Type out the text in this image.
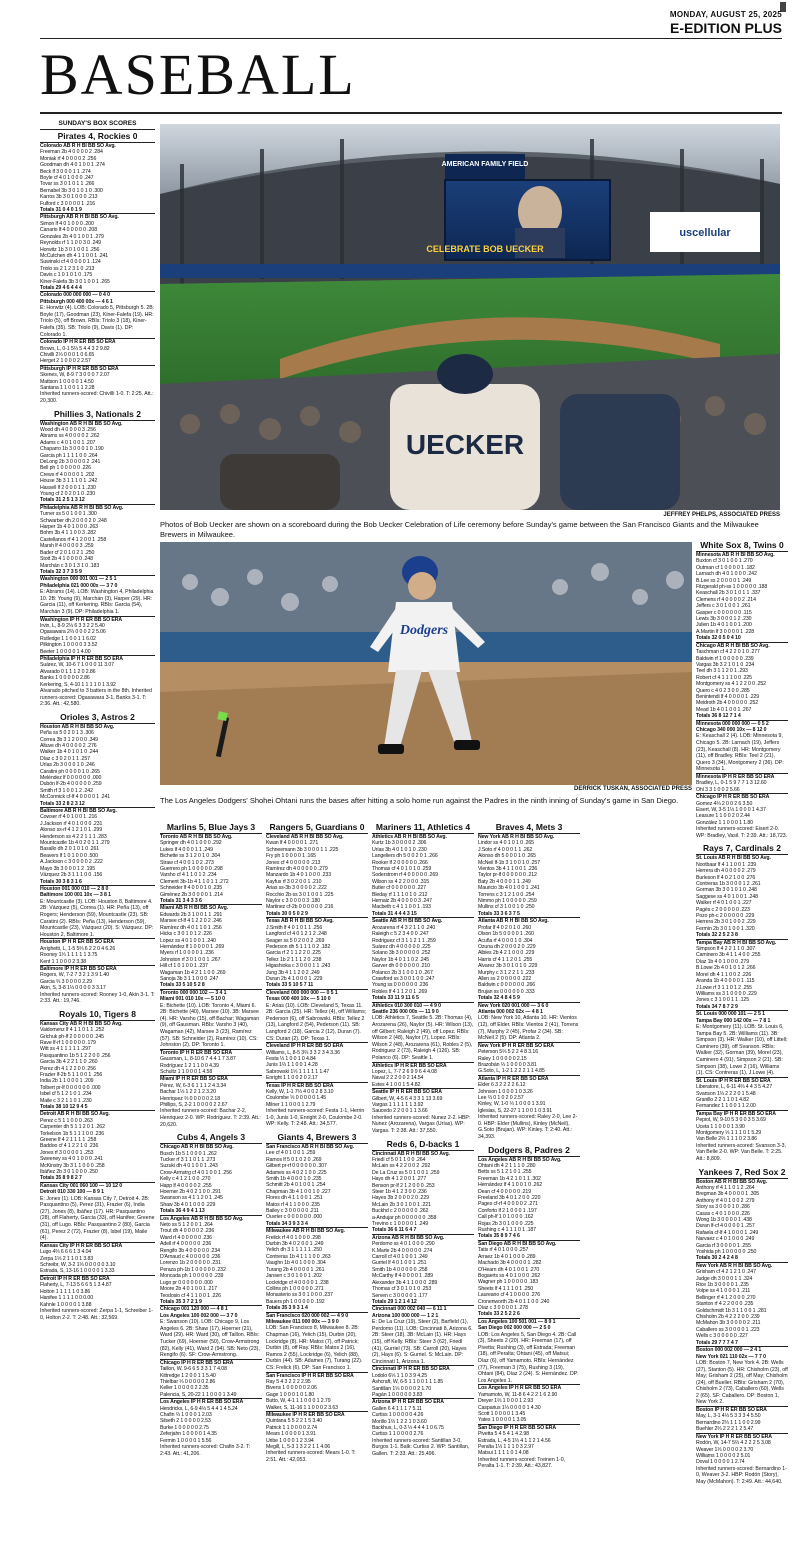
MONDAY, AUGUST 25, 2025
E-EDITION PLUS
BASEBALL
SUNDAY'S BOX SCORES
AMERICAN FAMILY FIELD
CELEBRATE BOB UECKER
uscellular
UECKER
JEFFREY PHELPS, ASSOCIATED PRESS
Photos of Bob Uecker are shown on a scoreboard during the Bob Uecker Celebration of Life ceremony before Sunday's game between the San Francisco Giants and the Milwaukee Brewers in Milwaukee.
Dodgers
DERRICK TUSKAN, ASSOCIATED PRESS
The Los Angeles Dodgers' Shohei Ohtani runs the bases after hitting a solo home run against the Padres in the ninth inning of Sunday's game in San Diego.
Pirates 4, Rockies 0
Colorado AB R H BI BB SO Avg.
Freeman 2b 4 0 0 0 0 2 .284
Moniak rf 4 0 0 0 0 2 .256
Goodman dh 4 0 1 0 0 1 .274
Beck lf 3 0 0 0 1 1 .274
Boyle cf 4 0 1 0 0 0 .247
Tovar ss 3 0 1 0 1 1 .266
Bernabel 3b 3 0 1 0 1 0 .300
Karros 3b 3 0 1 0 0 0 .213
Fulford c 3 0 0 0 0 1 .216
Totals 31 0 4 0 1 9
Pittsburgh AB R H BI BB SO Avg.
Simon lf 4 0 1 0 0 0 .200
Canario lf 4 0 0 0 0 0 .208
Gonzales 2b 4 0 1 0 0 1 .279
Reynolds rf 1 1 0 0 3 0 .249
Horwitz 1b 3 0 1 0 0 1 .256
McCutchen dh 4 1 1 0 0 1 .241
Suwinski cf 4 0 0 0 0 1 .124
Triolo ss 2 1 2 3 1 0 .213
Davis c 1 0 1 0 1 0 .175
Kiner-Falefa 3b 3 0 1 0 0 1 .265
Totals 29 4 6 4 4 4
Colorado 000 000 000 — 0 4 0
Pittsburgh 000 400 00x — 4 6 1
E: Horwitz (4). LOB: Colorado 5, Pittsburgh 5. 2B: Boyle (17), Goodman (23), Kiner-Falefa (19). HR: Triolo (5), off Brown. RBIs: Triolo 3 (18), Kiner-Falefa (35). SB: Triolo (9), Davis (1). DP: Colorado 1.
Colorado IP H R ER BB SO ERA
Brown, L, 0-1 5⅔ 5 4 4 3 2 9.82
Chivilli 2⅓ 0 0 0 1 0 6.65
Herget 2 1 0 0 0 2 2.57
Pittsburgh IP H R ER BB SO ERA
Skenes, W, 8-9 7 3 0 0 0 7 2.07
Mattson 1 0 0 0 0 1 4.50
Santana 1 1 0 0 1 1 2.28
Inherited runners-scored: Chivilli 1-0. T: 2:25. Att.: 20,300.
Phillies 3, Nationals 2
Washington AB R H BI BB SO Avg.
Wood dh 4 0 0 0 0 3 .256
Abrams ss 4 0 0 0 0 2 .262
Adams c 4 0 1 0 0 1 .207
Chaparro 1b 3 0 0 0 1 0 .190
Garcia ph 1 1 1 1 0 0 .264
DeLong 2b 3 0 0 0 0 2 .241
Bell ph 1 0 0 0 0 0 .226
Crews rf 4 0 0 0 0 1 .202
House 3b 3 1 1 1 0 1 .242
Hassell lf 2 0 0 0 1 1 .230
Young cf 2 0 2 0 1 0 .230
Totals 31 2 5 1 3 12
Philadelphia AB R H BI BB SO Avg.
Turner ss 5 0 1 0 0 1 .300
Schwarber dh 2 0 0 0 2 0 .248
Harper 1b 4 0 1 0 0 0 .263
Bohm 3b 4 1 1 0 0 3 .282
Castellanos rf 4 1 2 0 0 1 .258
Marsh lf 4 0 0 0 0 3 .259
Bader cf 2 0 1 0 2 1 .250
Stott 2b 4 1 0 0 0 0 .248
Marchán c 3 0 1 3 1 0 .183
Totals 32 3 7 3 5 9
Washington 000 001 001 — 2 5 1
Philadelphia 021 000 00x — 3 7 0
E: Abrams (14). LOB: Washington 4, Philadelphia 10. 2B: Young (9), Marchán (3), Harper (29). HR: Garcia (11), off Kerkering. RBIs: Garcia (54), Marchán 3 (9). DP: Philadelphia 1.
Washington IP H R ER BB SO ERA
Irvin, L, 8-9 2⅓ 6 3 3 2 2 5.40
Ogasawara 2⅔ 0 0 0 2 2 5.06
Rutledge 1 1 0 0 1 1 6.02
Pilkington 1 0 0 0 0 3 3.52
Beeter 1 0 0 0 0 1 4.00
Philadelphia IP H R ER BB SO ERA
Suárez, W, 10-6 7 1 0 0 0 11 3.07
Alvarado 0 1 1 1 2 0 2.86
Banks 1 0 0 0 0 0 2.86
Kerkering, S, 4-10 1 1 1 1 0 1 3.92
Alvarado pitched to 3 batters in the 8th. Inherited runners-scored: Ogasawara 3-1, Banks 3-1. T: 2:36. Att.: 42,580.
Orioles 3, Astros 2
Houston AB R H BI BB SO Avg.
Peña ss 5 0 2 0 1 3 .306
Correa 3b 3 1 2 0 0 0 .349
Altuve dh 4 0 0 0 0 2 .276
Walker 1b 4 0 1 0 1 0 .244
Díaz c 3 0 2 0 1 1 .257
Urías 2b 3 0 0 0 1 0 .246
Caratini ph 0 0 0 0 1 0 .265
Meléndez lf 0 0 0 0 0 0 .000
Dubón lf-2b 4 0 0 0 0 0 .259
Smith rf 3 1 0 0 1 2 .242
McCormick cf-lf 4 0 0 0 0 1 .241
Totals 33 2 8 2 3 12
Baltimore AB R H BI BB SO Avg.
Cowser rf 4 0 1 0 0 1 .216
J.Jackson rf 4 0 1 0 0 0 .231
Alonso ss-rf 4 1 2 1 0 1 .299
Henderson ss 4 2 2 1 1 1 .283
Mountcastle 1b 4 0 2 0 1 1 .279
Basallo dh 2 0 1 0 1 0 .261
Beavers lf 1 0 1 0 0 0 .500
A.Jackson c 3 0 0 0 0 2 .222
Mayo 3b 3 0 0 0 1 2 .195
Vázquez 2b 3 1 1 1 0 0 .156
Totals 30 3 8 3 1 6
Houston 001 000 010 — 2 8 0
Baltimore 100 001 10x — 3 8 1
E: Mountcastle (3). LOB: Houston 8, Baltimore 4. 2B: Vázquez (5), Correa (1). HR: Peña (13), off Rogers; Henderson (59), Mountcastle (23). SB: Caratini (2). RBIs: Peña (13), Henderson (59), Mountcastle (23), Vázquez (20). S: Vázquez. DP: Houston 2, Baltimore 1.
Houston IP H R ER BB SO ERA
Arrighetti, L, 1-5 5⅔ 6 2 2 0 4 6.26
Rooney 1⅓ 1 1 1 1 1 3.75
Kent 1 1 0 0 0 2 3.38
Baltimore IP H R ER BB SO ERA
Rogers, W, 7-2 7 3 2 1 3 9 1.40
Garcia ⅔ 3 0 0 0 0 2.29
Akin, S, 3-8 1⅓ 0 0 0 0 3 3.17
Inherited runners-scored: Rooney 1-0, Akin 3-1. T: 2:33. Att.: 19,746.
Royals 10, Tigers 8
Kansas City AB R H BI BB SO Avg.
Vaidomenz lf 4 1 1 0 1 1 .252
Grichuk ph-lf 2 0 0 0 0 0 .245
Rave lf-rf 1 0 0 0 0 0 .179
Witt ss 4 1 1 1 1 1 .297
Pasquantino 1b 5 1 2 2 0 0 .256
Garcia 3b 4 2 2 1 1 0 .260
Perez dh 4 1 2 2 0 0 .256
Frazier lf-2b 5 1 1 0 0 1 .256
India 2b 1 1 0 0 0 1 .209
Tolbert pr-lf 0 0 0 0 0 0 .000
Isbel cf 5 1 2 1 0 1 .234
Maile c 3 2 1 1 0 1 .230
Totals 38 10 12 9 4 5
Detroit AB R H BI BB SO Avg.
Perez c 5 1 1 0 0 0 .263
Carpenter dh 5 1 1 2 0 1 .262
Torkelson 1b 5 1 1 1 0 0 .236
Greene lf 4 2 1 1 1 1 .258
Baddoo cf 4 1 2 2 1 0 .236
Jones rf 3 0 0 0 0 1 .253
Sweeney ss 4 0 1 0 0 0 .241
McKinstry 3b 3 1 1 0 0 0 .258
Ibáñez 2b 3 0 1 0 0 0 .250
Totals 35 8 9 8 2 7
Kansas City 001 060 100 — 10 12 0
Detroit 010 330 100 — 8 9 1
E: Jones (1). LOB: Kansas City 7, Detroit 4. 2B: Pasquantino (5), Perez (31), Frazier (6), India (27), Jones (8), Ibáñez (17). HR: Pasquantino (28), off Flaherty, Garcia (33), off Hanifee; Greene (31), off Lugo. RBIs: Pasquantino 2 (80), Garcia (61), Perez 2 (72), Frazier (8), Isbel (19), Maile (4).
Kansas City IP H R ER BB SO ERA
Lugo 4⅔ 6 6 6 1 3 4.04
Zerpa 1⅓ 2 1 1 0 1 3.83
Schreibr, W, 3-2 1⅓ 0 0 0 0 0 3.10
Estrada, S, 13-16 1 0 0 0 0 1 3.33
Detroit IP H R ER BB SO ERA
Flaherty, L, 7-13 5 6 6 5 1 3 4.87
Holton 1 1 1 1 1 0 3.86
Hanifee 1 1 1 1 0 0 0.00
Kahnle 1 0 0 0 0 1 3.88
Inherited runners-scored: Zerpa 1-1, Schreiber 1-0, Holton 2-2. T: 2:48. Att.: 32,569.
Marlins 5, Blue Jays 3
Toronto AB R H BI BB SO Avg.
Springer dh 4 0 1 0 0 0 .292
Lukes lf 4 0 0 0 1 1 .249
Bichette ss 3 1 2 0 1 0 .304
Straw cf 4 0 0 1 0 2 .273
Guerrero ph 1 0 0 0 0 0 .298
Varsho cf 4 1 1 0 1 2 .234
Clement 3b-1b 4 1 1 0 1 1 .272
Schneider lf 4 0 0 0 1 0 .235
Giménez 2b 3 0 0 0 0 1 .214
Totals 31 3 4 3 3 6
Miami AB R H BI BB SO Avg.
Edwards 2b 3 1 0 0 1 1 .291
Marsee cf-lf 4 1 2 2 0 2 .246
Ramírez dh 4 0 1 1 0 1 .256
Hicks c 3 0 1 0 1 2 .226
Lopez ss 4 0 1 0 0 1 .240
Hernández lf 1 0 0 0 0 1 .269
Myers rf 1 0 0 0 0 1 .236
Johnston rf 3 0 1 0 0 1 .267
Hill cf 1 0 1 0 0 1 .237
Wagaman 1b 4 2 1 1 0 0 .269
Sanoja 3b 3 1 1 0 0 0 .247
Totals 33 5 10 5 2 8
Toronto 000 000 102 — 3 4 1
Miami 001 010 10x — 5 10 0
E: Bichette (10). LOB: Toronto 4, Miami 6. 2B: Bichette (40), Marsee (10). 3B: Marsee (4). HR: Varsho (15), off Bachar; Wagaman (9), off Gausman. RBIs: Varsho 3 (40), Wagaman (42), Marsee 3 (23), Ramírez (57). SB: Schneider (2), Ramírez (10). CS: Johnston (2). DP: Toronto 1.
Toronto IP H R ER BB SO ERA
Gausman, L, 8-10 6 7 4 4 1 7 3.87
Rodríguez 1 2 1 1 0 0 4.39
Schultz 1 1 0 0 0 1 4.58
Miami IP H R ER BB SO ERA
Pérez, W, 6-3 6 1 1 1 2 4 3.34
Bachar 1⅓ 1 2 2 1 2 3.20
Henriquez ⅔ 0 0 0 0 0 2.18
Phillips, S, 2-2 1 0 0 0 0 2 2.67
Inherited runners-scored: Bachar 2-2, Henriquez 2-0. WP: Rodríguez. T: 2:39. Att.: 20,620.
Cubs 4, Angels 3
Chicago AB R H BI BB SO Avg.
Busch 1b 5 1 0 0 0 1 .262
Tucker rf 3 1 1 0 1 1 .273
Suzuki dh 4 0 1 0 0 1 .243
Crow-Armstrg cf 4 0 1 0 0 1 .256
Kelly c 4 1 2 1 0 0 .270
Happ lf 4 0 0 0 0 2 .255
Hoerner 2b 4 0 2 1 0 0 .291
Swanson ss 4 1 1 2 0 1 .245
Shaw 3b 4 0 1 0 0 0 .229
Totals 36 4 9 4 1 13
Los Angeles AB R H BI BB SO Avg.
Neto ss 5 1 2 0 0 1 .264
Trout dh 4 0 0 0 0 2 .236
Ward rf 4 0 0 0 0 0 .236
Adell rf 4 0 0 0 0 0 .236
Rengifo 3b 4 0 0 0 0 0 .234
D'Arnaud c 4 0 0 0 0 0 .236
Lorenzo 1b 2 0 0 0 0 0 .231
Peraza ph-1b 1 0 0 0 0 0 .232
Moncada ph 1 0 0 0 0 0 .239
Lugo pr 0 0 0 0 0 0 .000
Moore 2b 4 0 1 0 0 1 .217
Teodosio cf 4 1 1 0 0 1 .226
Totals 35 3 7 2 1 9
Chicago 001 120 000 — 4 8 1
Los Angeles 100 002 000 — 3 7 0
E: Swanson (10). LOB: Chicago 9, Los Angeles 6. 2B: Shaw (17), Hoerner (21), Ward (29). HR: Ward (30), off Taillon. RBIs: Tucker (69), Hoerner (50), Crow-Armstrong (82), Kelly (41), Ward 2 (94). SB: Neto (23), Rengifo (6). SF: Crow-Armstrong.
Chicago IP H R ER BB SO ERA
Taillon, W, 9-6 6 5 3 3 1 7 4.08
Kittredge 1 2 0 0 1 1 5.40
Thielbar ⅓ 0 0 0 0 0 2.86
Keller 1 0 0 0 0 2 2.35
Palencia, S, 20-22 1 1 0 0 0 1 3.49
Los Angeles IP H R ER BB SO ERA
Hendricks, L, 6-9 4⅓ 5 4 4 1 4 5.24
Chafin ⅔ 1 0 0 0 1 2.03
Silseth 2 1 0 0 0 0 2.53
Burke 1 0 0 0 0 0 2.75
Zeferjahn 1 0 0 0 0 1 4.35
Fermin 1 0 0 0 0 1 5.56
Inherited runners-scored: Chafin 3-2. T: 2:43. Att.: 41,206.
Rangers 5, Guardians 0
Cleveland AB R H BI BB SO Avg.
Kwan lf 4 0 0 0 0 1 .271
Schneemann 3b 3 0 0 0 1 1 .225
Fry ph 1 0 0 0 0 1 .165
Jones cf 4 0 0 0 0 0 .213
Ramírez dh 4 0 0 0 0 0 .279
Manzardo 1b 4 0 1 0 0 0 .233
Kayfus rf 3 0 2 0 0 1 .210
Arias ss-3b 3 0 0 0 0 2 .222
Rocchio 2b-ss 3 0 1 0 0 1 .225
Naylor c 3 0 0 0 0 3 .180
Martinez cf-2b 0 0 0 0 0 0 .216
Totals 30 0 5 0 2 9
Texas AB R H BI BB SO Avg.
J.Smith lf 4 0 1 0 1 1 .256
Langford cf 4 0 1 2 1 2 .248
Seager ss 5 0 2 0 0 2 .269
Pederson dh 5 1 1 1 0 2 .182
Garcia rf 2 1 1 2 2 0 .225
Tellez 1b 2 1 1 1 2 0 .238
Higashioka c 3 0 0 0 1 1 .243
Jung 3b 4 1 1 2 0 2 .249
Duran 2b 4 1 0 0 0 1 .229
Totals 33 5 10 5 7 11
Cleveland 000 000 000 — 0 5 1
Texas 000 400 10x — 5 10 0
E: Arias (10). LOB: Cleveland 5, Texas 11. 2B: Garcia (25). HR: Tellez (4), off Williams; Pederson (6), off Sabrowski. RBIs: Tellez 2 (13), Langford 2 (54), Pederson (11). SB: Langford 2 (18), Garcia 2 (12), Duran (7). CS: Duran (2). DP: Texas 1.
Cleveland IP H R ER BB SO ERA
Williams, L, 8-5 3⅔ 3 3 2 3 4 3.36
Festa ⅓ 1 0 0 1 0 4.84
Junis 1⅔ 1 1 0 0 1 4.28
Sabrowski 1⅓ 1 1 1 1 1 1.47
Enright 1 1 0 0 2 0 2.17
Texas IP H R ER BB SO ERA
Kelly, W, 1-1 7⅔ 4 0 0 2 8 3.10
Coulombe ⅓ 0 0 0 0 0 1.45
Milner 1 1 0 0 0 1 2.79
Inherited runners-scored: Festa 1-1, Herrin 1-0, Junis 1-0, Enright 2-0, Coulombe 2-0. WP: Kelly. T: 2:48. Att.: 34,577.
Giants 4, Brewers 3
San Francisco AB R H BI BB SO Avg.
Lee cf 4 0 1 0 0 1 .259
Ramos lf 5 0 1 0 2 0 .269
Gilbert pr-rf 0 0 0 0 0 0 .307
Adames ss 4 0 2 1 0 0 .225
Smith 1b 4 0 0 0 1 0 .235
Schmitt 2b 4 0 1 0 0 1 .254
Chapman 3b 4 1 0 0 1 0 .227
Flores dh 4 1 1 0 0 1 .251
Matos rf 4 1 1 0 0 0 .235
Bailey c 3 0 0 0 0 0 .211
Ouvrier c 0 0 0 0 0 0 .000
Totals 34 3 9 3 3 4
Milwaukee AB R H BI BB SO Avg.
Frelick rf 4 0 1 0 0 0 .298
Durbin 3b 4 0 2 0 0 1 .249
Yelich dh 3 1 1 1 1 1 .250
Contreras 1b 4 1 1 1 0 0 .263
Vaughn 1b 4 0 1 0 0 0 .304
Turang 2b 4 0 0 0 0 1 .261
Jansen c 3 0 1 0 0 1 .202
Lockridge cf 4 0 0 0 0 1 .238
Collins ph 1 0 0 0 0 0 .271
Monasterio ss 3 0 1 0 0 0 .237
Bauers ph 1 0 0 0 0 0 .192
Totals 35 3 9 3 1 4
San Francisco 020 000 002 — 4 9 0
Milwaukee 011 000 00x — 3 9 0
LOB: San Francisco 8, Milwaukee 8. 2B: Chapman (16), Yelich (15), Durbin (20), Lockridge (8). HR: Matos (7), off Patrick; Durbin (8), off Ray. RBIs: Matos 2 (16), Ramos 2 (55), Lockridge (6), Yelich (88), Durbin (44). SB: Adames (7), Turang (22). CS: Frelick (6). DP: San Francisco 1.
San Francisco IP H R ER BB SO ERA
Ray 5 4 3 2 2 2 2.95
Bivens 1 0 0 0 0 0 2.06
Gage 1 0 0 0 1 0 1.80
Butto, W, 4-1 1 1 0 0 0 1 2.79
Walker, S, 11-16 1 1 0 0 0 2 3.63
Milwaukee IP H R ER BB SO ERA
Quintana 5 5 2 2 1 5 3.40
Patrick 1 1 0 0 0 0 2.74
Mears 1 0 0 0 0 1 3.91
Uribe 1 0 0 0 1 2 3.94
Megill, L, 5-3 1 3 2 2 1 1 4.06
Inherited runners-scored: Mears 1-0. T: 2:51. Att.: 42,053.
Mariners 11, Athletics 4
Athletics AB R H BI BB SO Avg.
Kurtz 1b 3 0 0 0 0 2 .306
Urías 3b 4 0 1 0 1 0 .230
Langeliers dh 5 0 0 2 0 1 .266
Rooker lf 2 0 0 0 0 0 .266
Thomas cf 4 0 1 0 1 0 .259
Soderstrom rf 4 0 0 0 0 0 .269
Wilson ss 4 2 2 0 0 0 .315
Butler cf 0 0 0 0 0 0 .227
Bleday rf 1 1 1 0 1 0 .212
Hernaiz 2b 4 0 0 0 0 3 .247
Macbeth c 4 1 1 0 0 1 .193
Totals 31 4 4 4 3 15
Seattle AB R H BI BB SO Avg.
Arozarena rf 4 3 2 1 1 0 .240
Raleigh c 5 2 3 4 0 0 .247
Rodriguez cf 3 1 1 2 1 1 .259
Suárez dh 4 0 0 0 0 0 .225
Solano 3b 3 0 0 0 0 0 .252
Naylor 1b 4 0 1 1 0 2 .245
Garver dh 0 0 0 0 0 0 .210
Polanco 2b 3 1 0 0 1 0 .267
Crawford ss 3 0 0 1 0 0 .247
Young ss 0 0 0 0 0 0 .236
Robles lf 4 1 1 2 0 1 .269
Totals 33 11 9 11 6 5
Athletics 010 300 010 — 4 9 0
Seattle 236 000 00x — 11 9 0
LOB: Athletics 7, Seattle 5. 2B: Thomas (4), Arozarena (26), Naylor (5). HR: Wilson (13), off Gilbert; Raleigh 2 (49), off Lopez. RBIs: Wilson 2 (48), Naylor (7), Lopez. RBIs: Wilson 2 (48), Arozarena (61), Robles 2 (5), Rodriguez 2 (73), Raleigh 4 (126). SB: Polanco (6). DP: Seattle 1.
Athletics IP H R ER BB SO ERA
Lopez, L, 7-7 2 6 9 9 6 4 4.08
Naval 2 2 2 0 0 2 14.54
Estes 4 1 0 0 1 5 4.82
Seattle IP H R ER BB SO ERA
Gilbert, W, 4-5 6 4 3 3 1 13 3.69
Vargas 1 1 1 1 1 1 3.92
Saucedo 2 2 0 0 1 1 3.66
Inherited runners-scored: Nunez 2-2. HBP: Nunez (Arozarena), Vargas (Urías). WP: Vargas. T: 2:38. Att.: 37,550.
Reds 6, D-backs 1
Cincinnati AB R H BI BB SO Avg.
Friedl cf 5 0 1 1 0 0 .264
McLain ss 4 2 2 0 0 2 .292
De La Cruz ss 5 0 1 0 0 1 .259
Hays dh 4 1 2 0 0 1 .277
Benson pr-lf 2 1 2 0 0 0 .253
Steer 1b 4 1 2 3 0 0 .236
Hayes 3b 2 0 0 0 2 0 .229
McLain 2b 3 0 1 0 0 1 .221
Buckhd c 2 0 0 0 0 0 .262
a-Andujar ph 0 0 0 0 0 0 .358
Trevino c 1 0 0 0 0 1 .249
Totals 36 6 11 6 4 7
Arizona AB R H BI BB SO Avg.
Perdomo ss 4 0 1 0 0 0 .290
K.Marte 2b 4 0 0 0 0 0 .274
Carroll cf 4 0 1 0 0 1 .249
Gurriel lf 4 0 1 0 0 1 .251
Smith 1b 4 0 0 0 0 0 .258
McCarthy lf 4 0 0 0 0 1 .289
Alexander 3b 4 1 1 0 0 0 .289
Thomas cf 3 0 1 0 1 0 .253
Serven c 3 0 0 0 0 1 .177
Totals 29 1 2 1 4 12
Cincinnati 000 002 040 — 6 11 1
Arizona 100 000 000 — 1 2 1
E: De La Cruz (19), Steer (2), Barfield (1), Perdomo (11). LOB: Cincinnati 8, Arizona 6. 2B: Steer (18). 3B: McLain (1). HR: Hays (15), off Kelly. RBIs: Steer 3 (62), Friedl (41), Gurriel (73). SB: Carroll (20), Hayes (2), Hays (6). S: Gurriel. S: McLain. DP: Cincinnati 1, Arizona 1.
Cincinnati IP H R ER BB SO ERA
Lodolo 6⅓ 1 1 0 3 9 4.25
Ashcraft, W, 6-5 1 1 0 0 1 1 1.85
Santillan 1⅓ 0 0 0 0 2 1.70
Pagán 1 0 0 0 0 0 3.83
Arizona IP H R ER BB SO ERA
Gallen 6 4 1 1 1 7 5.11
Curtiss 1 0 0 0 0 0 4.26
Morillo 1⅔ 1 2 2 1 0 3.60
Backhus, L, 0-3 ⅓ 4 4 4 1 0 6.75
Curtiss 1 1 0 0 0 0 2.76
Inherited runners-scored: Santillan 3-0, Burgos 1-1. Balk: Curtiss 2. WP: Santillan, Gallen. T: 2:33. Att.: 25,496.
Braves 4, Mets 3
New York AB R H BI BB SO Avg.
Lindor ss 4 0 1 0 1 0 .265
J.Soto rf 4 0 0 0 1 1 .262
Alonso dh 5 0 0 0 1 0 .265
McNeil lf-1b 3 1 0 0 1 0 .257
Vientos 3b 4 1 1 0 0 1 .236
Taylor pr-lf 0 0 0 0 0 0 .212
Baty 2b 4 0 0 0 1 1 .249
Mauricio 3b 4 0 1 0 0 1 .241
Torrens c 3 1 2 1 0 0 .254
Nimmo ph 1 0 0 0 0 0 .259
Mullins cf 3 1 0 0 1 0 .250
Totals 33 3 6 3 7 5
Atlanta AB R H BI BB SO Avg.
Profar lf 4 0 2 0 1 0 .260
Olson 1b 5 0 0 0 0 1 .260
Acuña rf 4 0 0 0 1 0 .304
Ozuna dh 2 0 0 0 2 0 .229
Albies 2b 4 2 1 0 0 0 .229
Harris cf 4 1 1 2 0 1 .255
Alvarez 3b 3 0 1 0 1 0 .229
Murphy c 3 1 2 2 1 1 .233
Allen ss 2 0 0 0 0 0 .222
Baldwin c 0 0 0 0 0 0 .266
Brujan ss 0 0 0 0 0 0 .333
Totals 32 4 8 4 5 9
New York 020 001 000 — 3 6 0
Atlanta 000 002 02x — 4 8 1
LOB: New York 10, Atlanta 10. HR: Vientos (12), off Elder. RBIs: Vientos 2 (41), Torrens (7), Murphy 2 (45), Profar 2 (34). SB: McNeil 2 (5). DP: Atlanta 2.
New York IP H R ER BB SO ERA
Peterson 5⅔ 5 2 2 4 8 3.16
Raley 1 0 0 0 0 0 2.15
Brazobán ⅓ 1 0 0 0 0 3.81
G.Soto, L, 1-2 1 2 2 2 1 1 4.85
Atlanta IP H R ER BB SO ERA
Elder 6 3 2 2 2 2 6.12
Johnson 1 0 0 0 1 0 3.26
Lee ⅔ 0 1 0 2 0 2.57
Kinley, W, 1-0 ⅓ 1 0 0 0 1 3.91
Iglesias, S, 22-27 1 1 0 0 1 0 3.91
Inherited runners-scored: Raley 2-0, Lee 2-0. HBP: Elder (Mullins), Kinley (McNeil), G.Soto (Brujan). WP: Kinley. T: 2:40. Att.: 34,393.
Dodgers 8, Padres 2
Los Angeles AB R H BI BB SO Avg.
Ohtani dh 4 2 1 1 1 0 .280
Betts ss 5 1 2 1 0 1 .255
Freeman 1b 4 2 1 0 1 1 .302
Hernández lf 4 1 0 0 1 0 .262
Dean cf 4 0 0 0 0 0 .219
Freeland 3b 4 0 1 2 0 0 .220
Pages cf-rf 4 0 0 0 0 2 .271
Conforto lf 2 1 0 0 0 1 .197
Call ph-lf 1 0 1 0 0 0 .162
Rojas 2b 3 0 1 0 0 0 .225
Rushing c 4 1 1 1 0 1 .187
Totals 35 8 9 7 4 6
San Diego AB R H BI BB SO Avg.
Tatis rf 4 0 1 0 0 0 .257
Arraez 1b 4 0 1 0 0 0 .289
Machado 3b 4 0 0 0 0 1 .282
O'Hearn dh 4 0 1 0 0 1 .270
Bogaerts ss 4 0 1 0 0 0 .262
Wagner ph 1 0 0 0 0 0 .183
Sheets lf 4 1 1 1 0 1 .250
Laureano cf 4 1 0 0 0 0 .276
Cronenworth 2b 4 0 1 1 0 0 .240
Díaz c 3 0 0 0 0 1 .278
Totals 33 2 5 2 2 6
Los Angeles 100 501 001 — 8 9 1
San Diego 002 000 000 — 2 5 0
LOB: Los Angeles 5, San Diego 4. 2B: Call (3), Sheets 2 (20). HR: Freeman (17), off Pivetta; Rushing (3), off Estrada; Freeman (18), off Peralta; Ohtani (45), off Matsui; Díaz (6), off Yamamoto. RBIs: Hernández (77), Freeman 3 (75), Rushing 3 (19), Ohtani (84), Díaz 2 (24). S: Hernández. DP: Los Angeles 1.
Los Angeles IP H R ER BB SO ERA
Yamamoto, W, 11-8 6 4 2 2 1 6 2.90
Dreyer 1⅔ 1 0 0 0 1 2.93
Casparius 1⅓ 0 0 0 0 1 4.30
Scott 1 0 0 0 0 1 3.45
Yates 1 0 0 0 0 1 3.05
San Diego IP H R ER BB SO ERA
Pivetta 5 4 5 4 1 4 2.98
Estrada, L, 4-5 1⅔ 4 1 1 2 1 4.56
Peralta 1⅓ 1 1 1 0 3 2.97
Matsui 1 1 1 1 0 1 4.08
Inherited runners-scored: Treinen 1-0, Peralta 1-1. T: 2:39. Att.: 43,827.
White Sox 8, Twins 0
Minnesota AB R H BI BB SO Avg.
Buxton cf 3 0 1 0 0 1 .270
Outman cf 1 0 0 0 0 1 .182
Larnach dh 4 0 1 0 0 0 .242
B.Lee ss 2 0 0 0 0 1 .249
Fitzgerald ph-ss 1 0 0 0 0 0 .188
Keaschall 2b 3 0 1 0 1 1 .337
Clemens rf 4 0 0 0 0 2 .214
Jeffers c 3 0 1 0 0 1 .261
Gasper c 0 0 0 0 0 0 .115
Lewis 3b 3 0 0 0 1 2 .230
Julien 1b 4 0 1 0 0 1 .200
A.Martin lf 3 0 0 0 0 1 .228
Totals 32 0 5 0 4 10
Chicago AB R H BI BB SO Avg.
Taschman cf 4 2 2 0 1 0 .277
Baldwin rf 1 0 0 0 0 0 .239
Vargas 3b 3 2 1 0 1 0 .234
Teel dh 3 1 1 2 0 1 .293
Robert cf 4 1 1 1 0 0 .225
Montgomery ss 4 1 2 2 0 0 .252
Quero c 4 0 2 3 0 0 .285
Benintendi lf 4 0 0 0 0 1 .229
Meidroth 2b 4 0 0 0 0 0 .252
Mead 1b 4 0 1 0 0 1 .267
Totals 36 8 12 7 1 4
Minnesota 000 000 000 — 0 5 2
Chicago 340 000 10x — 8 12 0
E: Keaschall 2 (4). LOB: Minnesota 9, Chicago 5. 2B: Larnach (19), Jeffers (23), Keaschall (8). HR: Montgomery (11), off Bradley. RBIs: Teel 2 (21), Quero 3 (34), Montgomery 2 (36). DP: Minnesota 1.
Minnesota IP H R ER BB SO ERA
Bradley, L, 0-1 5 9 7 7 1 3 12.60
Ohl 3 3 1 0 0 2 5.66
Chicago IP H R ER BB SO ERA
Gomez 4⅔ 2 0 0 2 6 3.50
Eisert, W, 3-5 1⅓ 1 0 0 0 1 4.37
Leasure 1 1 0 0 2 0 2.44
González 1 1 0 0 0 1 1.80
Inherited runners-scored: Eisert 2-0. WP: Bradley, Vasil. T: 2:39. Att.: 18,723.
Rays 7, Cardinals 2
St. Louis AB R H BI BB SO Avg.
Nootbaar lf 4 1 1 0 0 1 .239
Herrera dh 4 0 0 0 0 2 .279
Burleson lf 4 0 2 1 0 0 .276
Contreras 1b 3 0 0 0 1 2 .261
Gorman 3b 3 0 1 0 1 0 .248
Saggese ss 4 0 1 0 0 1 .248
Walker rf 4 0 1 0 0 1 .227
Pagès c 2 0 0 0 0 0 .223
Pozo ph-c 2 0 0 0 0 0 .229
Herrera 2b 3 0 1 0 0 2 .229
Fermín 2b 3 0 1 0 0 1 .320
Totals 32 2 5 2 3 8
Tampa Bay AB R H BI BB SO Avg.
Simpson lf 4 2 2 1 1 0 .307
Caminero 3b 4 1 1 4 0 0 .255
Díaz 1b 4 0 1 0 0 0 .279
B.Lowe 2b 4 0 1 0 1 2 .266
Morel dh 4 1 1 0 0 2 .226
Aranda 1b 4 0 0 0 0 1 .115
J.Lowe rf 3 1 1 0 1 2 .255
Williams ss 3 1 0 0 0 0 .229
Jones c 3 1 0 0 1 1 .125
Totals 34 7 8 7 2 9
St. Louis 000 000 101 — 2 5 1
Tampa Bay 000 142 00x — 7 8 1
E: Montgomery (11). LOB: St. Louis 6, Tampa Bay 5. 2B: Williams (11). 3B: Simpson (3). HR: Walker (10), off Littell; Caminero (39), off Svanson. RBIs: Walker (32), Gorman (39), Morel (23), Caminero 4 (91), Simpson 2 (21). SB: Simpson (38), Lowe 2 (16), Williams (1). CS: Contreras (1), J.Lowe (4).
St. Louis IP H R ER BB SO ERA
Liberatore, L, 6-11 4⅔ 4 4 3 5 4.27
Svanson 1⅓ 2 2 2 0 1 5.48
Granillo 2 2 1 1 0 1 4.82
Fernandez 1 1 0 0 1 1 2.00
Tampa Bay IP H R ER BB SO ERA
Pepiot, W, 9-10 5 3 0 0 3 5 3.69
Uceta 1 1 0 0 0 1 3.90
Montgomery ⅓ 1 1 1 0 1 5.29
Van Belle 2⅔ 1 1 1 0 2 3.86
Inherited runners-scored: Svanson 3-3, Van Belle 2-0. WP: Van Belle. T: 2:25. Att.: 8,809.
Yankees 7, Red Sox 2
Boston AB R H BI BB SO Avg.
Anthony rf 4 1 1 0 1 2 .264
Bregman 3b 4 0 0 0 0 1 .305
Anthony rf 4 0 1 0 0 2 .279
Story ss 3 0 0 0 1 0 .286
Casas c 4 0 1 0 0 0 .226
Wong 1b 3 0 0 0 0 1 .438
Duran lf-cf 4 0 0 0 0 1 .257
Rafaela cf-lf 4 1 0 0 0 1 .249
Narvaez c 4 0 1 0 0 0 .249
Garcia rf 3 0 0 0 0 1 .255
Yoshida ph 1 0 0 0 0 0 .250
Totals 30 2 4 2 4 8
New York AB R H BI BB SO Avg.
Grisham cf 4 2 1 2 1 0 .247
Judge dh 3 0 0 0 1 1 .324
Rice 1b 3 0 0 0 0 1 .235
Volpe ss 4 1 0 0 0 1 .211
Bellinger rf 4 1 2 0 0 0 .270
Stanton rf 4 2 2 0 0 0 .235
Goldschmidt 1b 3 1 1 0 0 1 .281
Chisholm 2b 4 2 2 2 0 0 .239
McMahon 3b 3 0 0 0 0 2 .211
Caballero ss 3 0 0 0 0 1 .223
Wells c 3 0 0 0 0 0 .227
Totals 29 7 7 7 4 7
Boston 000 002 000 — 2 4 1
New York 021 110 02x — 7 7 0
LOB: Boston 7, New York 4. 2B: Wells (27), Stanton (5). HR: Chisholm (23), off May; Grisham 2 (25), off May; Chisholm (24), off Bueller. RBIs: Grisham 2 (70), Chisholm 2 (73), Caballero (60), Wells 2 (65). SF: Caballero. DP: Boston 1, New York 2.
Boston IP H R ER BB SO ERA
May, L, 3-1 4⅓ 5 3 3 3 4 5.50
Bernardino 2⅔ 1 1 1 0 0 2.99
Buehler 2⅔ 2 2 2 1 2 5.47
New York IP H R ER BB SO ERA
Rodón, W, 14-7 5⅔ 4 2 2 2 5 3.08
Weaver 1⅓ 0 0 0 0 2 3.70
Williams 1 0 0 0 0 2 5.01
Doval 1 0 0 0 0 1 2.74
Inherited runners-scored: Bernardino 1-0, Weaver 3-2. HBP: Rodón (Story), May (McMahon). T: 2:49. Att.: 44,640.
